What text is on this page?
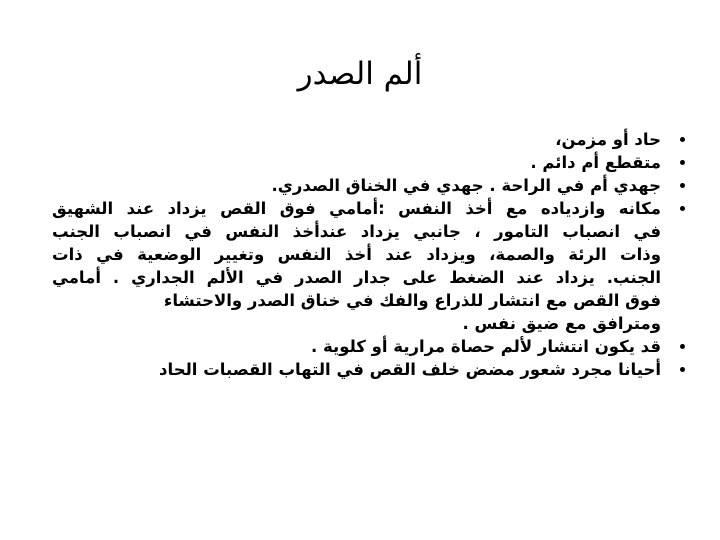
ألم الصدر
حاد أو مزمن،
متقطع أم دائم .
جهدي أم في الراحة . جهدي في الخناق الصدري.
مكانه وازدياده مع أخذ النفس :أمامي فوق القص يزداد عند الشهيق
في انصباب التامور ، جانبي يزداد عندأخذ النفس في انصباب الجنب
وذات الرئة والصمة، ويزداد عند أخذ النفس وتغيير الوضعية في ذات
الجنب. يزداد عند الضغط على جدار الصدر في الألم الجداري . أمامي
فوق القص مع انتشار للذراع والفك في خناق الصدر والاحتشاء
ومترافق مع ضيق نفس .
قد يكون انتشار لألم حصاة مرارية أو كلوية .
أحيانا مجرد شعور مضض خلف القص في التهاب القصبات الحاد
